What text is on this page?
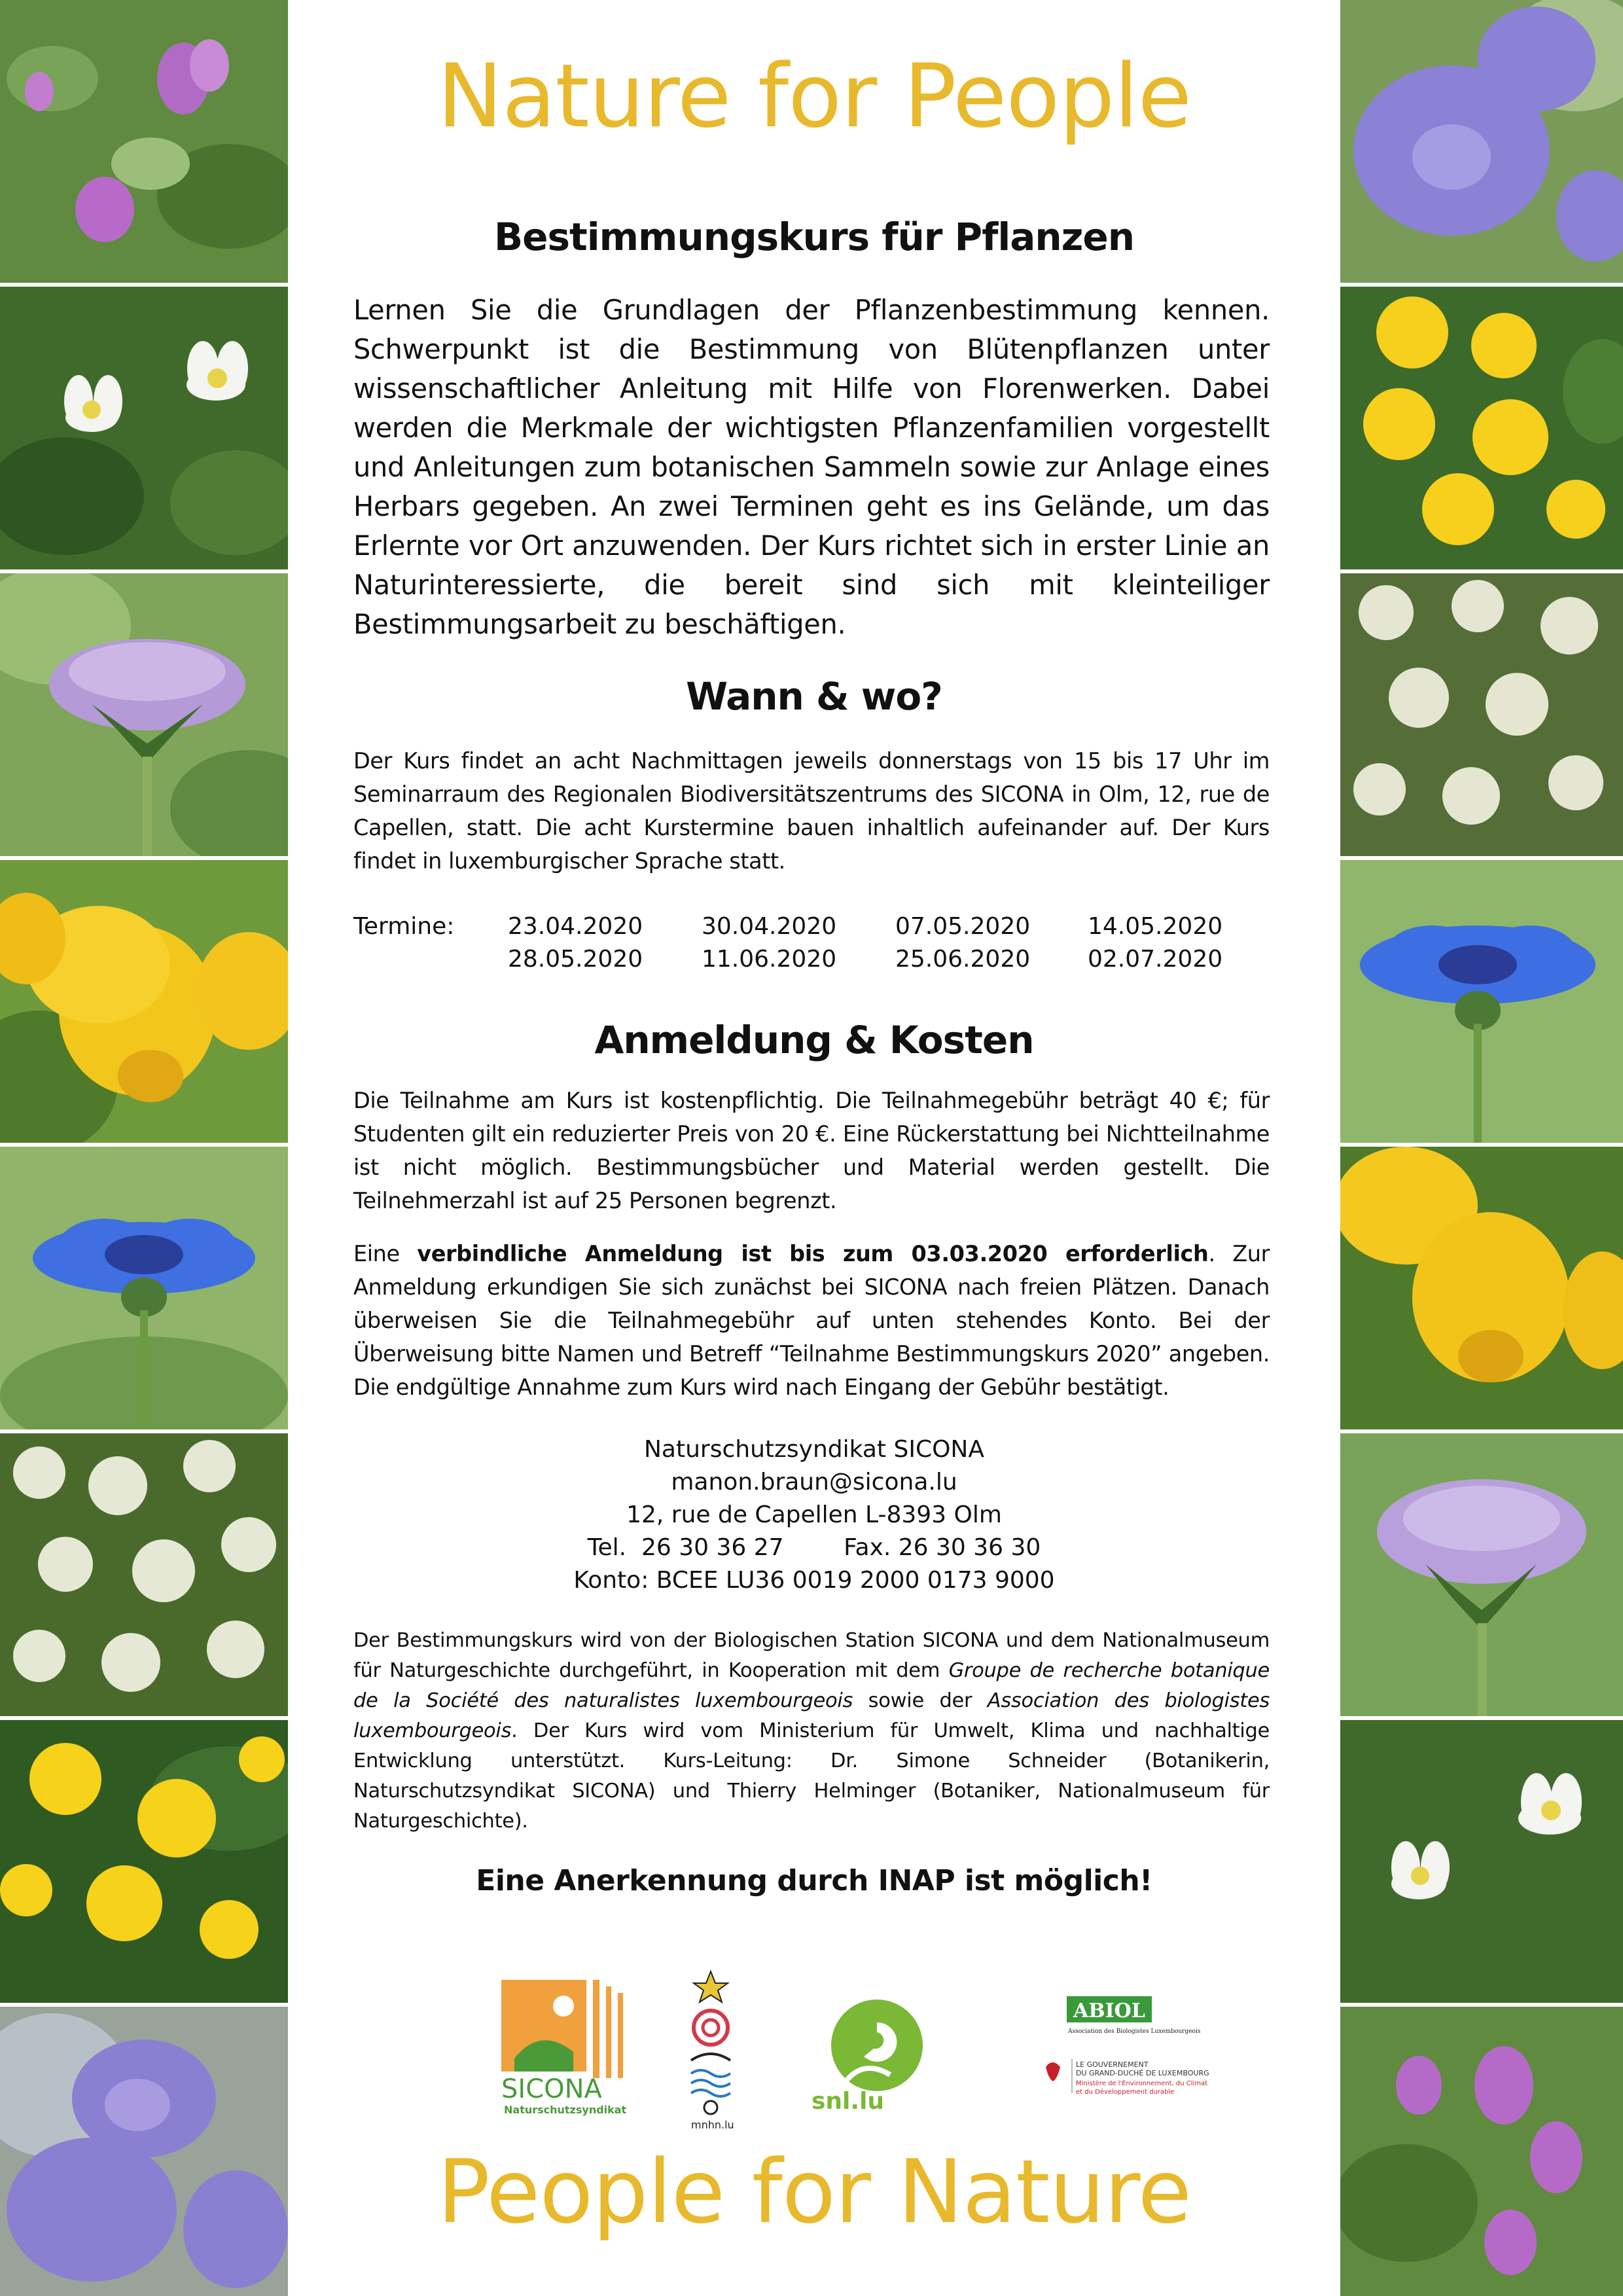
Nature for People
Bestimmungskurs für Pflanzen
Lernen Sie die Grundlagen der Pflanzenbestimmung kennen. Schwerpunkt ist die Bestimmung von Blütenpflanzen unter wissenschaftlicher Anleitung mit Hilfe von Florenwerken. Dabei werden die Merkmale der wichtigsten Pflanzenfamilien vorgestellt und Anleitungen zum botanischen Sammeln sowie zur Anlage eines Herbars gegeben. An zwei Terminen geht es ins Gelände, um das Erlernte vor Ort anzuwenden. Der Kurs richtet sich in erster Linie an Naturinteressierte, die bereit sind sich mit kleinteiliger Bestimmungsarbeit zu beschäftigen.
Wann & wo?
Der Kurs findet an acht Nachmittagen jeweils donnerstags von 15 bis 17 Uhr im Seminarraum des Regionalen Biodiversitätszentrums des SICONA in Olm, 12, rue de Capellen, statt. Die acht Kurstermine bauen inhaltlich aufeinander auf. Der Kurs findet in luxemburgischer Sprache statt.
Termine: 23.04.2020 30.04.2020 07.05.2020 14.05.2020
28.05.2020 11.06.2020 25.06.2020 02.07.2020
Anmeldung & Kosten
Die Teilnahme am Kurs ist kostenpflichtig. Die Teilnahmegebühr beträgt 40 €; für Studenten gilt ein reduzierter Preis von 20 €. Eine Rückerstattung bei Nichtteilnahme ist nicht möglich. Bestimmungsbücher und Material werden gestellt. Die Teilnehmerzahl ist auf 25 Personen begrenzt.
Eine verbindliche Anmeldung ist bis zum 03.03.2020 erforderlich. Zur Anmeldung erkundigen Sie sich zunächst bei SICONA nach freien Plätzen. Danach überweisen Sie die Teilnahmegebühr auf unten stehendes Konto. Bei der Überweisung bitte Namen und Betreff “Teilnahme Bestimmungskurs 2020” angeben. Die endgültige Annahme zum Kurs wird nach Eingang der Gebühr bestätigt.
Naturschutzsyndikat SICONA
manon.braun@sicona.lu
12, rue de Capellen L-8393 Olm
Tel.  26 30 36 27        Fax. 26 30 36 30
Konto: BCEE LU36 0019 2000 0173 9000
Der Bestimmungskurs wird von der Biologischen Station SICONA und dem Nationalmuseum für Naturgeschichte durchgeführt, in Kooperation mit dem Groupe de recherche botanique de la Société des naturalistes luxembourgeois sowie der Association des biologistes luxembourgeois. Der Kurs wird vom Ministerium für Umwelt, Klima und nachhaltige Entwicklung unterstützt. Kurs-Leitung: Dr. Simone Schneider (Botanikerin, Naturschutzsyndikat SICONA) und Thierry Helminger (Botaniker, Nationalmuseum für Naturgeschichte).
Eine Anerkennung durch INAP ist möglich!
SICONA
Naturschutzsyndikat
mnhn.lu
snl.lu
ABIOL
Association des Biologistes Luxembourgeois
LE GOUVERNEMENT
DU GRAND-DUCHÉ DE LUXEMBOURG
Ministère de l'Environnement, du Climat
et du Développement durable
People for Nature
